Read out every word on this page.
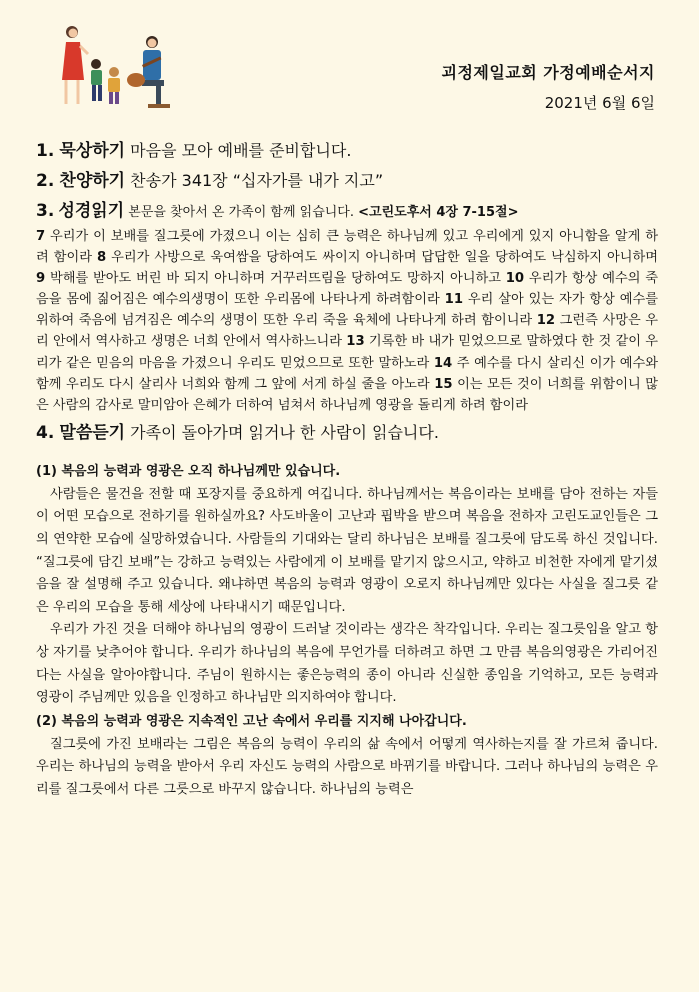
괴정제일교회 가정예배순서지
2021년 6월 6일
1. 묵상하기 마음을 모아 예배를 준비합니다.
2. 찬양하기 찬송가 341장 “십자가를 내가 지고”
3. 성경읽기 본문을 찾아서 온 가족이 함께 읽습니다. <고린도후서 4장 7-15절>

7 우리가 이 보배를 질그릇에 가졌으니 이는 심히 큰 능력은 하나님께 있고 우리에게 있지 아니함을 알게 하려 함이라 8 우리가 사방으로 욱여쌈을 당하여도 싸이지 아니하며 답답한 일을 당하여도 낙심하지 아니하며 9 박해를 받아도 버린 바 되지 아니하며 거꾸러뜨림을 당하여도 망하지 아니하고 10 우리가 항상 예수의 죽음을 몸에 짊어짐은 예수의생명이 또한 우리몸에 나타나게 하려함이라 11 우리 살아 있는 자가 항상 예수를 위하여 죽음에 넘겨짐은 예수의 생명이 또한 우리 죽을 육체에 나타나게 하려 함이니라 12 그런즉 사망은 우리 안에서 역사하고 생명은 너희 안에서 역사하느니라 13 기록한 바 내가 믿었으므로 말하였다 한 것 같이 우리가 같은 믿음의 마음을 가졌으니 우리도 믿었으므로 또한 말하노라 14 주 예수를 다시 살리신 이가 예수와 함께 우리도 다시 살리사 너희와 함께 그 앞에 서게 하실 줄을 아노라 15 이는 모든 것이 너희를 위함이니 많은 사람의 감사로 말미암아 은혜가 더하여 넘쳐서 하나님께 영광을 돌리게 하려 함이라

4. 말씀듣기 가족이 돌아가며 읽거나 한 사람이 읽습니다.
(1) 복음의 능력과 영광은 오직 하나님께만 있습니다.

사람들은 물건을 전할 때 포장지를 중요하게 여깁니다. 하나님께서는 복음이라는 보배를 담아 전하는 자들이 어떤 모습으로 전하기를 원하실까요? 사도바울이 고난과 핍박을 받으며 복음을 전하자 고린도교인들은 그의 연약한 모습에 실망하였습니다. 사람들의 기대와는 달리 하나님은 보배를 질그릇에 담도록 하신 것입니다. “질그릇에 담긴 보배”는 강하고 능력있는 사람에게 이 보배를 맡기지 않으시고, 약하고 비천한 자에게 맡기셨음을 잘 설명해 주고 있습니다. 왜냐하면 복음의 능력과 영광이 오로지 하나님께만 있다는 사실을 질그릇 같은 우리의 모습을 통해 세상에 나타내시기 때문입니다.

우리가 가진 것을 더해야 하나님의 영광이 드러날 것이라는 생각은 착각입니다. 우리는 질그릇임을 알고 항상 자기를 낮추어야 합니다. 우리가 하나님의 복음에 무언가를 더하려고 하면 그 만큼 복음의영광은 가리어진다는 사실을 알아야합니다. 주님이 원하시는 좋은능력의 종이 아니라 신실한 종임을 기억하고, 모든 능력과 영광이 주님께만 있음을 인정하고 하나님만 의지하여야 합니다.

(2) 복음의 능력과 영광은 지속적인 고난 속에서 우리를 지지해 나아갑니다.

질그릇에 가진 보배라는 그림은 복음의 능력이 우리의 삶 속에서 어떻게 역사하는지를 잘 가르쳐 줍니다. 우리는 하나님의 능력을 받아서 우리 자신도 능력의 사람으로 바뀌기를 바랍니다. 그러나 하나님의 능력은 우리를 질그릇에서 다른 그릇으로 바꾸지 않습니다. 하나님의 능력은
